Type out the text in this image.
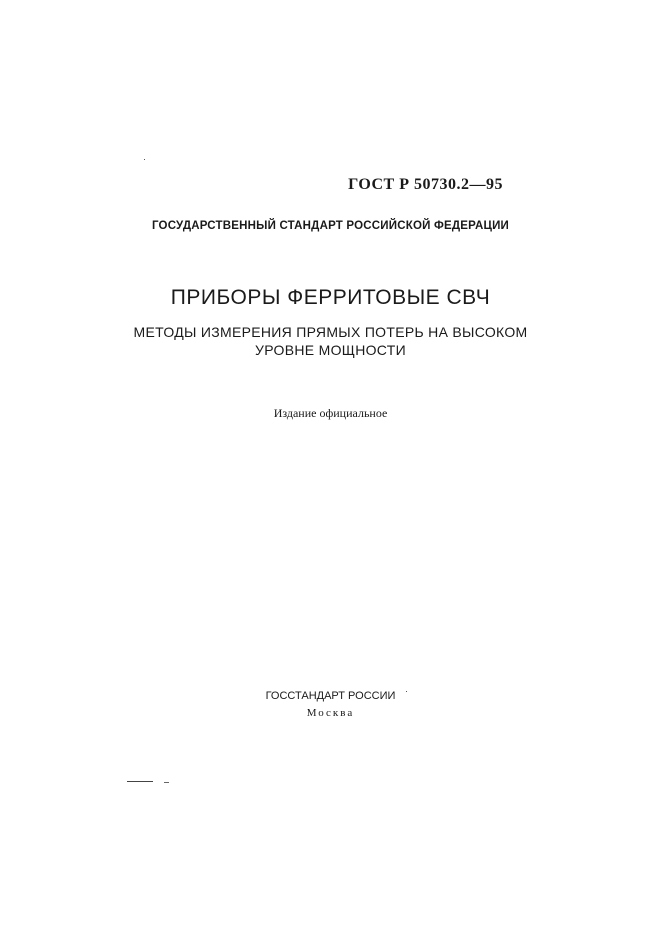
ГОСТ Р 50730.2—95
ГОСУДАРСТВЕННЫЙ СТАНДАРТ РОССИЙСКОЙ ФЕДЕРАЦИИ
ПРИБОРЫ ФЕРРИТОВЫЕ СВЧ
МЕТОДЫ ИЗМЕРЕНИЯ ПРЯМЫХ ПОТЕРЬ НА ВЫСОКОМ
УРОВНЕ МОЩНОСТИ
Издание официальное
ГОССТАНДАРТ РОССИИ
Москва
